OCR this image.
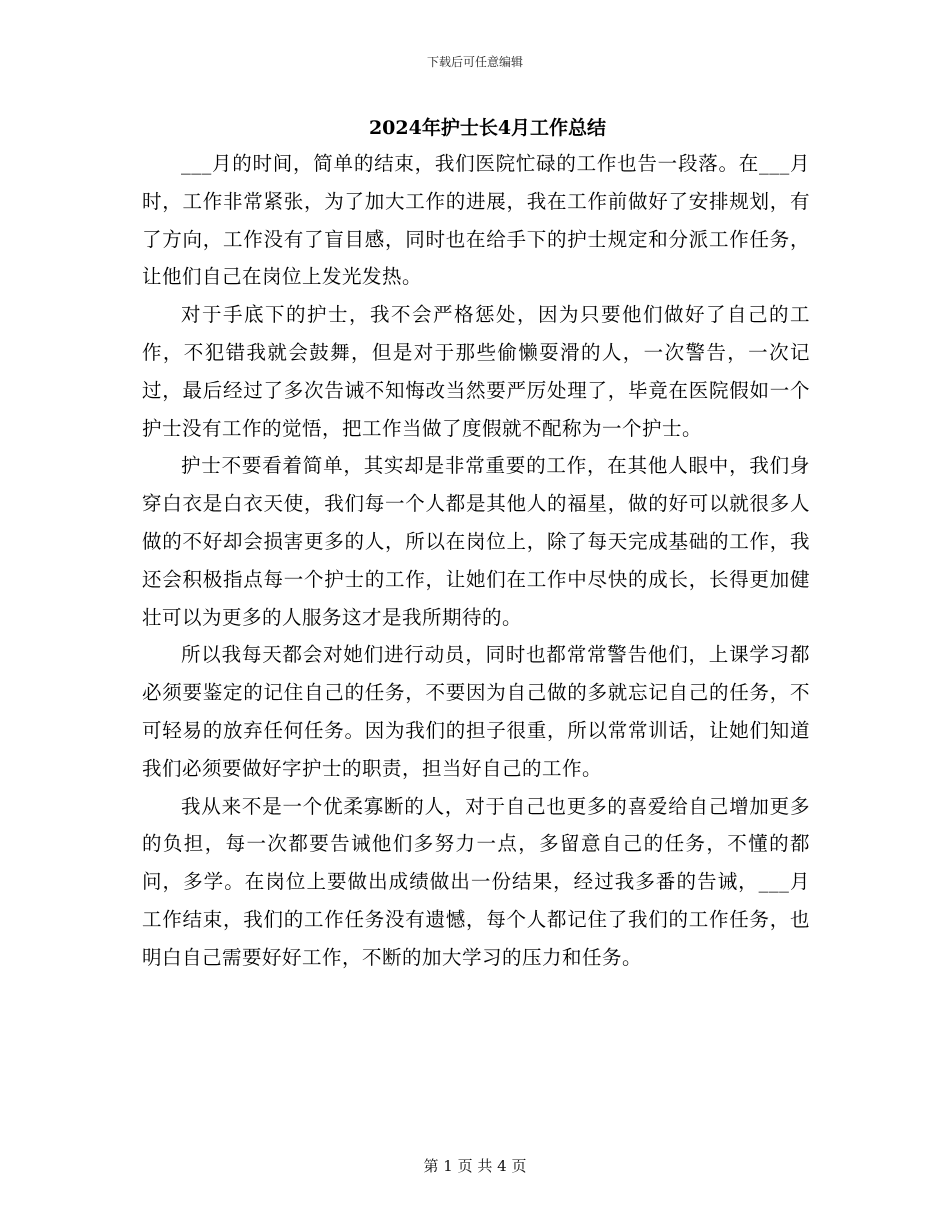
下载后可任意编辑
2024年护士长4月工作总结

___月的时间，简单的结束，我们医院忙碌的工作也告一段落。在___月时，工作非常紧张，为了加大工作的进展，我在工作前做好了安排规划，有了方向，工作没有了盲目感，同时也在给手下的护士规定和分派工作任务，让他们自己在岗位上发光发热。

对于手底下的护士，我不会严格惩处，因为只要他们做好了自己的工作，不犯错我就会鼓舞，但是对于那些偷懒耍滑的人，一次警告，一次记过，最后经过了多次告诫不知悔改当然要严厉处理了，毕竟在医院假如一个护士没有工作的觉悟，把工作当做了度假就不配称为一个护士。

护士不要看着简单，其实却是非常重要的工作，在其他人眼中，我们身穿白衣是白衣天使，我们每一个人都是其他人的福星，做的好可以就很多人做的不好却会损害更多的人，所以在岗位上，除了每天完成基础的工作，我还会积极指点每一个护士的工作，让她们在工作中尽快的成长，长得更加健壮可以为更多的人服务这才是我所期待的。

所以我每天都会对她们进行动员，同时也都常常警告他们，上课学习都必须要鉴定的记住自己的任务，不要因为自己做的多就忘记自己的任务，不可轻易的放弃任何任务。因为我们的担子很重，所以常常训话，让她们知道我们必须要做好字护士的职责，担当好自己的工作。

我从来不是一个优柔寡断的人，对于自己也更多的喜爱给自己增加更多的负担，每一次都要告诫他们多努力一点，多留意自己的任务，不懂的都问，多学。在岗位上要做出成绩做出一份结果，经过我多番的告诫，___月工作结束，我们的工作任务没有遗憾，每个人都记住了我们的工作任务，也明白自己需要好好工作，不断的加大学习的压力和任务。

第 1 页 共 4 页
